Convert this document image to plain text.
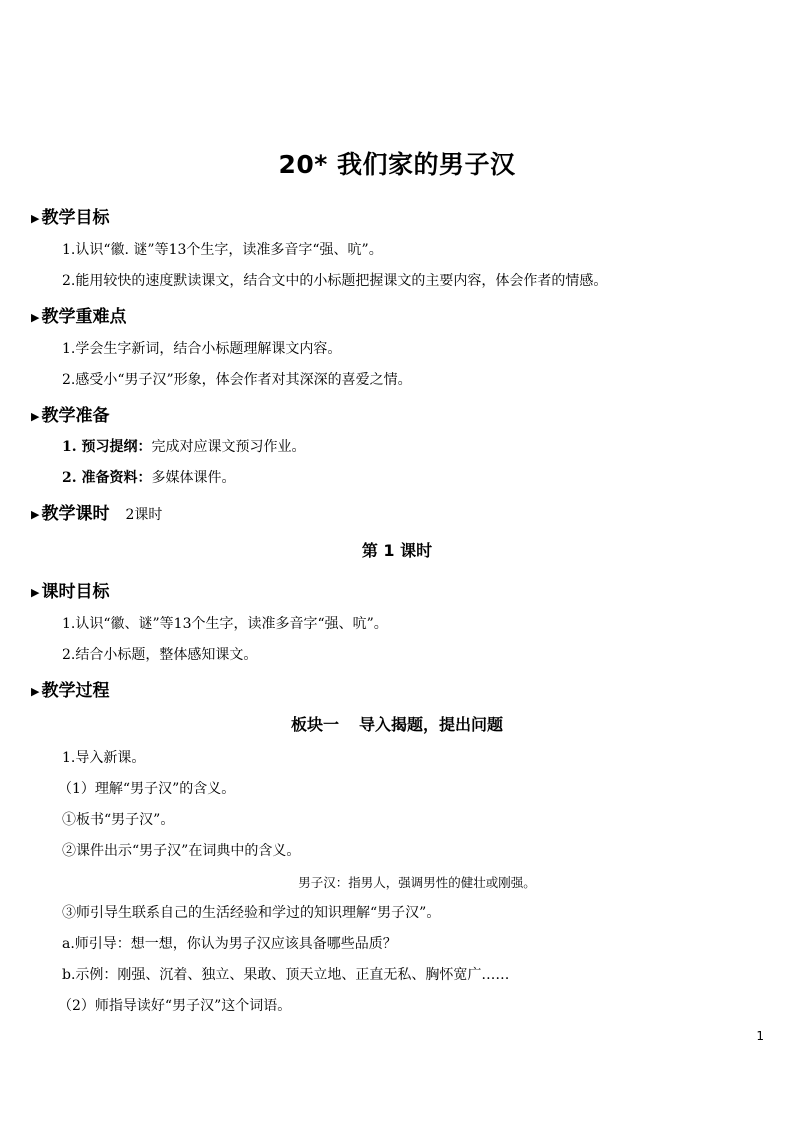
20* 我们家的男子汉
▶ 教学目标
1.认识“徽. 谜”等13个生字，读准多音字“强、吭”。
2.能用较快的速度默读课文，结合文中的小标题把握课文的主要内容，体会作者的情感。
▶ 教学重难点
1.学会生字新词，结合小标题理解课文内容。
2.感受小“男子汉”形象，体会作者对其深深的喜爱之情。
▶ 教学准备
1. 预习提纲：完成对应课文预习作业。
2. 准备资料：多媒体课件。
▶ 教学课时 2课时
第 1 课时
▶ 课时目标
1.认识“徽、谜”等13个生字，读准多音字“强、吭”。
2.结合小标题，整体感知课文。
▶ 教学过程
板块一 导入揭题，提出问题
1.导入新课。
（1）理解“男子汉”的含义。
①板书“男子汉”。
②课件出示“男子汉”在词典中的含义。
男子汉：指男人，强调男性的健壮或刚强。
③师引导生联系自己的生活经验和学过的知识理解“男子汉”。
a.师引导：想一想，你认为男子汉应该具备哪些品质？
b.示例：刚强、沉着、独立、果敢、顶天立地、正直无私、胸怀宽广……
（2）师指导读好“男子汉”这个词语。
1
